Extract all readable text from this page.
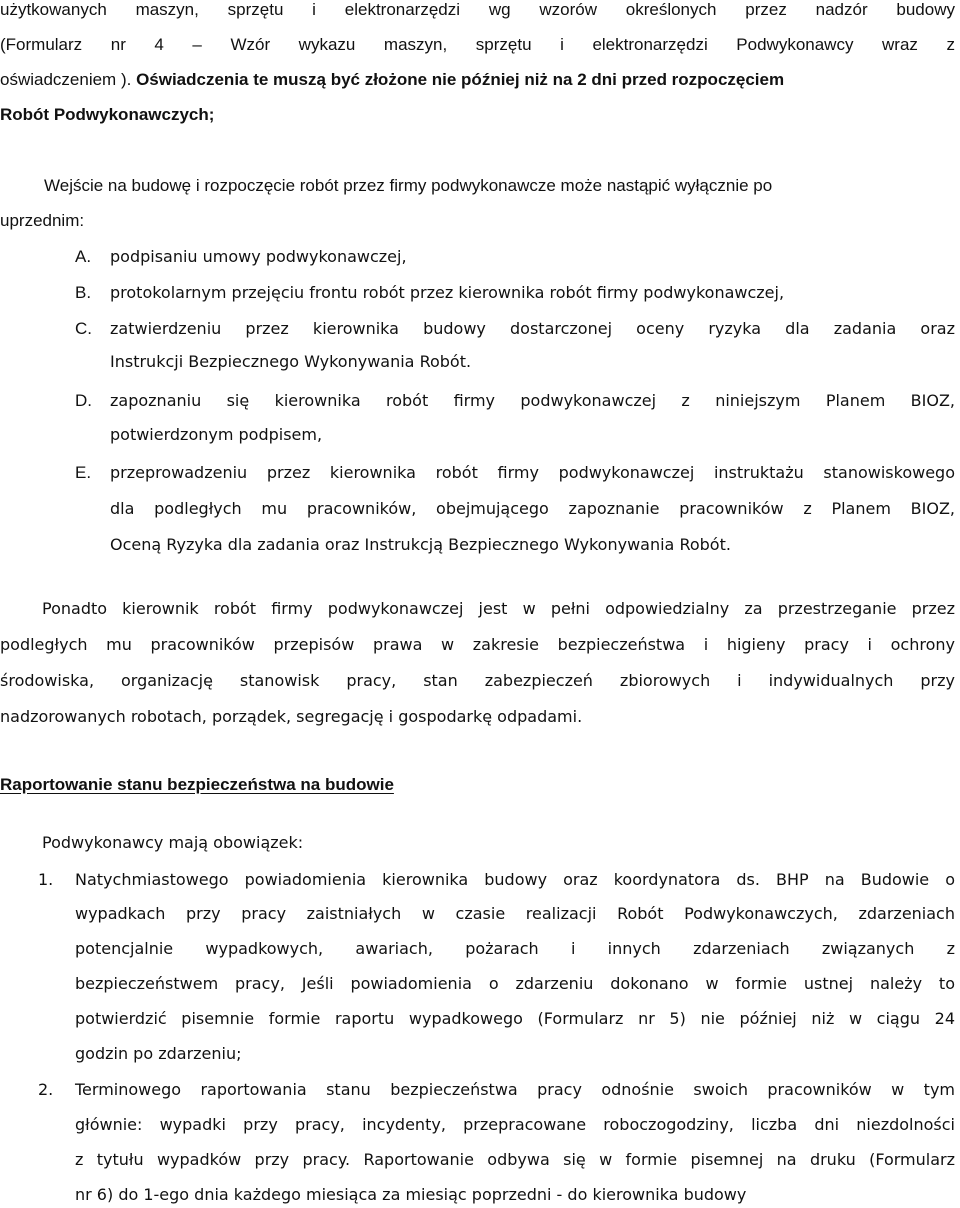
użytkowanych maszyn, sprzętu i elektronarzędzi wg wzorów określonych przez nadzór budowy
(Formularz nr 4 – Wzór wykazu maszyn, sprzętu i elektronarzędzi Podwykonawcy wraz z
oświadczeniem ). Oświadczenia te muszą być złożone nie później niż na 2 dni przed rozpoczęciem
Robót Podwykonawczych;
Wejście na budowę i rozpoczęcie robót przez firmy podwykonawcze może nastąpić wyłącznie po
uprzednim:
A. podpisaniu umowy podwykonawczej,
B. protokolarnym przejęciu frontu robót przez kierownika robót firmy podwykonawczej,
C. zatwierdzeniu przez kierownika budowy dostarczonej oceny ryzyka dla zadania oraz
Instrukcji Bezpiecznego Wykonywania Robót.
D. zapoznaniu się kierownika robót firmy podwykonawczej z niniejszym Planem BIOZ,
potwierdzonym podpisem,
E. przeprowadzeniu przez kierownika robót firmy podwykonawczej instruktażu stanowiskowego
dla podległych mu pracowników, obejmującego zapoznanie pracowników z Planem BIOZ,
Oceną Ryzyka dla zadania oraz Instrukcją Bezpiecznego Wykonywania Robót.
Ponadto kierownik robót firmy podwykonawczej jest w pełni odpowiedzialny za przestrzeganie przez
podległych mu pracowników przepisów prawa w zakresie bezpieczeństwa i higieny pracy i ochrony
środowiska, organizację stanowisk pracy, stan zabezpieczeń zbiorowych i indywidualnych przy
nadzorowanych robotach, porządek, segregację i gospodarkę odpadami.
Raportowanie stanu bezpieczeństwa na budowie
Podwykonawcy mają obowiązek:
1. Natychmiastowego powiadomienia kierownika budowy oraz koordynatora ds. BHP na Budowie o
wypadkach przy pracy zaistniałych w czasie realizacji Robót Podwykonawczych, zdarzeniach
potencjalnie wypadkowych, awariach, pożarach i innych zdarzeniach związanych z
bezpieczeństwem pracy, Jeśli powiadomienia o zdarzeniu dokonano w formie ustnej należy to
potwierdzić pisemnie formie raportu wypadkowego (Formularz nr 5) nie później niż w ciągu 24
godzin po zdarzeniu;
2. Terminowego raportowania stanu bezpieczeństwa pracy odnośnie swoich pracowników w tym
głównie: wypadki przy pracy, incydenty, przepracowane roboczogodziny, liczba dni niezdolności
z tytułu wypadków przy pracy. Raportowanie odbywa się w formie pisemnej na druku (Formularz
nr 6) do 1-ego dnia każdego miesiąca za miesiąc poprzedni - do kierownika budowy
